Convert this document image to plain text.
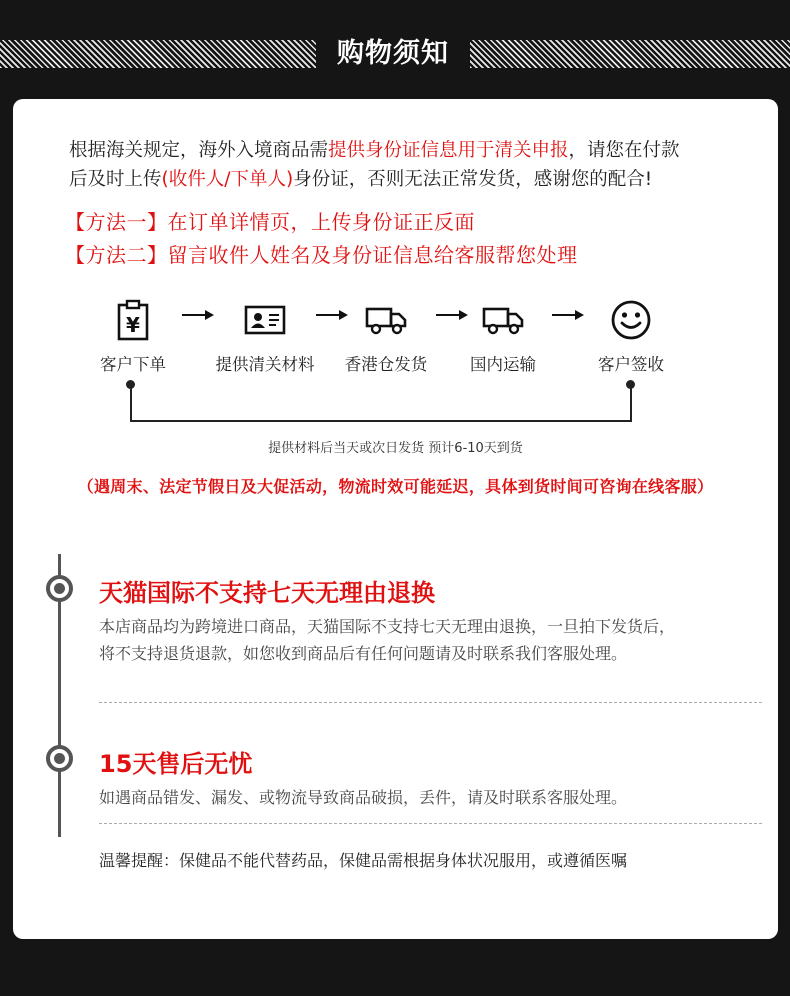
购物须知
根据海关规定，海外入境商品需提供身份证信息用于清关申报，请您在付款
后及时上传(收件人/下单人)身份证，否则无法正常发货，感谢您的配合!
【方法一】在订单详情页，上传身份证正反面
【方法二】留言收件人姓名及身份证信息给客服帮您处理
¥
客户下单	提供清关材料	香港仓发货	国内运输	客户签收
提供材料后当天或次日发货 预计6-10天到货
（遇周末、法定节假日及大促活动，物流时效可能延迟，具体到货时间可咨询在线客服）
天猫国际不支持七天无理由退换
本店商品均为跨境进口商品，天猫国际不支持七天无理由退换，一旦拍下发货后，
将不支持退货退款，如您收到商品后有任何问题请及时联系我们客服处理。
15天售后无忧
如遇商品错发、漏发、或物流导致商品破损，丢件，请及时联系客服处理。
温馨提醒：保健品不能代替药品，保健品需根据身体状况服用，或遵循医嘱
